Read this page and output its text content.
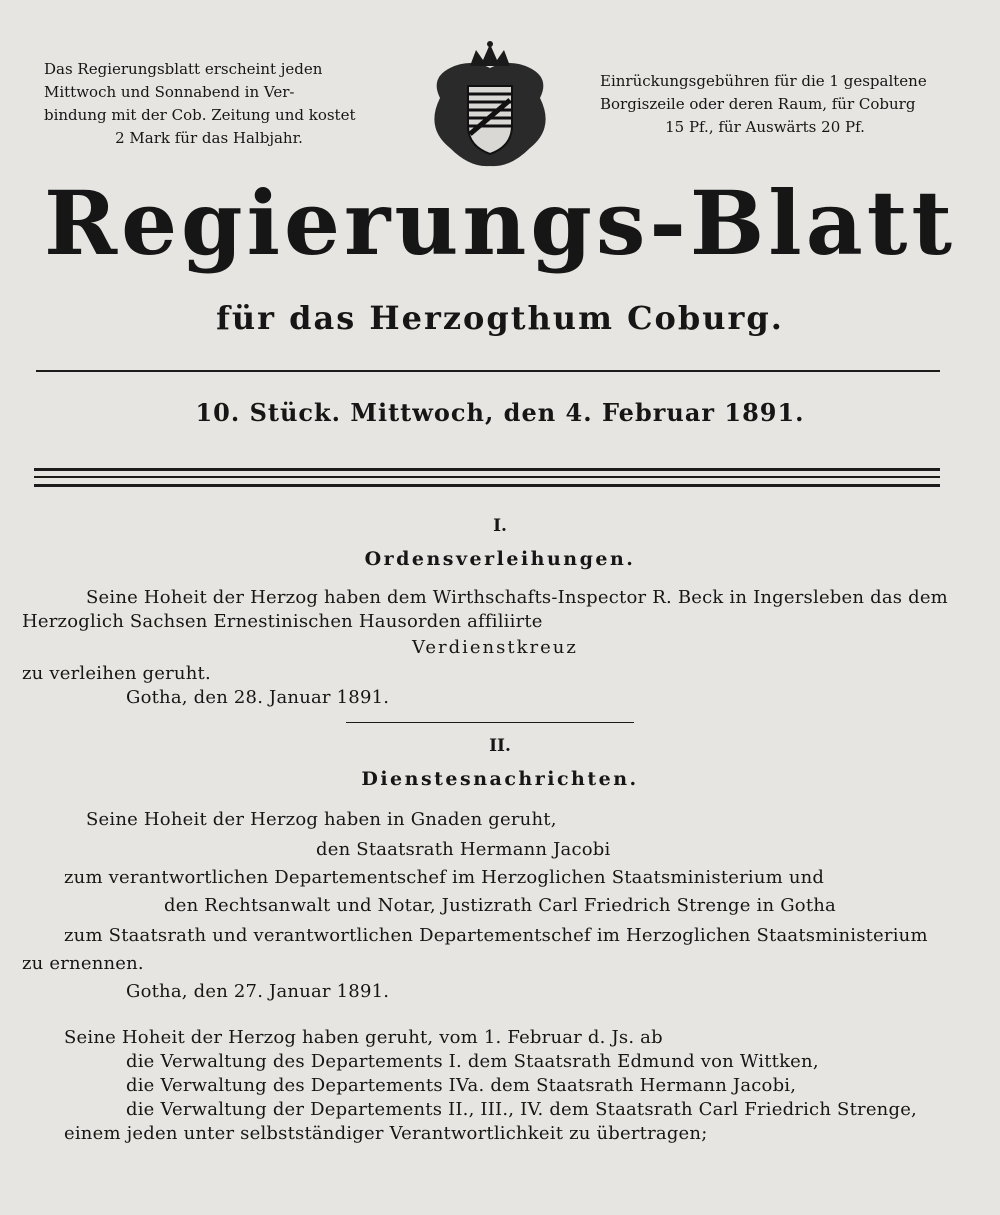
Das Regierungsblatt erscheint jeden
Mittwoch und Sonnabend in Ver-
bindung mit der Cob. Zeitung und kostet
2 Mark für das Halbjahr.
Einrückungsgebühren für die 1 gespaltene
Borgiszeile oder deren Raum, für Coburg
15 Pf., für Auswärts 20 Pf.
Regierungs-Blatt
für das Herzogthum Coburg.
10. Stück. Mittwoch, den 4. Februar 1891.
I.
Ordensverleihungen.
Seine Hoheit der Herzog haben dem Wirthschafts-Inspector R. Beck in Ingersleben das dem
Herzoglich Sachsen Ernestinischen Hausorden affiliirte
Verdienstkreuz
zu verleihen geruht.
Gotha, den 28. Januar 1891.
II.
Dienstesnachrichten.
Seine Hoheit der Herzog haben in Gnaden geruht,
den Staatsrath Hermann Jacobi
zum verantwortlichen Departementschef im Herzoglichen Staatsministerium und
den Rechtsanwalt und Notar, Justizrath Carl Friedrich Strenge in Gotha
zum Staatsrath und verantwortlichen Departementschef im Herzoglichen Staatsministerium
zu ernennen.
Gotha, den 27. Januar 1891.
Seine Hoheit der Herzog haben geruht, vom 1. Februar d. Js. ab
die Verwaltung des Departements I. dem Staatsrath Edmund von Wittken,
die Verwaltung des Departements IVa. dem Staatsrath Hermann Jacobi,
die Verwaltung der Departements II., III., IV. dem Staatsrath Carl Friedrich Strenge,
einem jeden unter selbstständiger Verantwortlichkeit zu übertragen;
